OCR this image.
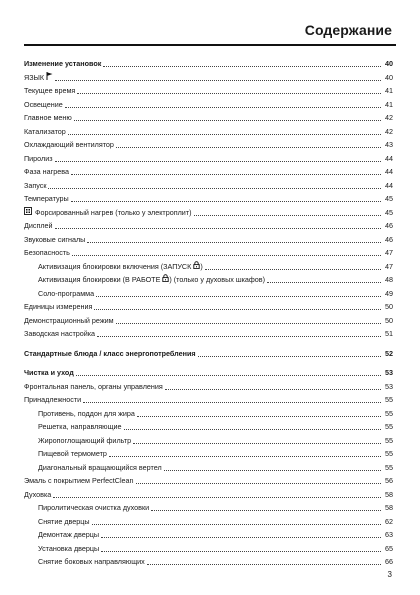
Содержание
Изменение установок	40
ЯЗЫК	40
Текущее время	41
Освещение	41
Главное меню	42
Катализатор	42
Охлаждающий вентилятор	43
Пиролиз	44
Фаза нагрева	44
Запуск	44
Температуры	45
Форсированный нагрев (только у электроплит)	45
Дисплей	46
Звуковые сигналы	46
Безопасность	47
Активизация блокировки включения (ЗАПУСК )	47
Активизация блокировки (В РАБОТЕ ) (только у духовых шкафов)	48
Соло-программа	49
Единицы измерения	50
Демонстрационный режим	50
Заводская настройка	51
Стандартные блюда / класс энергопотребления	52
Чистка и уход	53
Фронтальная панель, органы управления	53
Принадлежности	55
Противень, поддон для жира	55
Решетка, направляющие	55
Жиропоглощающий фильтр	55
Пищевой термометр	55
Диагональный вращающийся вертел	55
Эмаль с покрытием PerfectClean	56
Духовка	58
Пиролитическая очистка духовки	58
Снятие дверцы	62
Демонтаж дверцы	63
Установка дверцы	65
Снятие боковых направляющих	66
3
